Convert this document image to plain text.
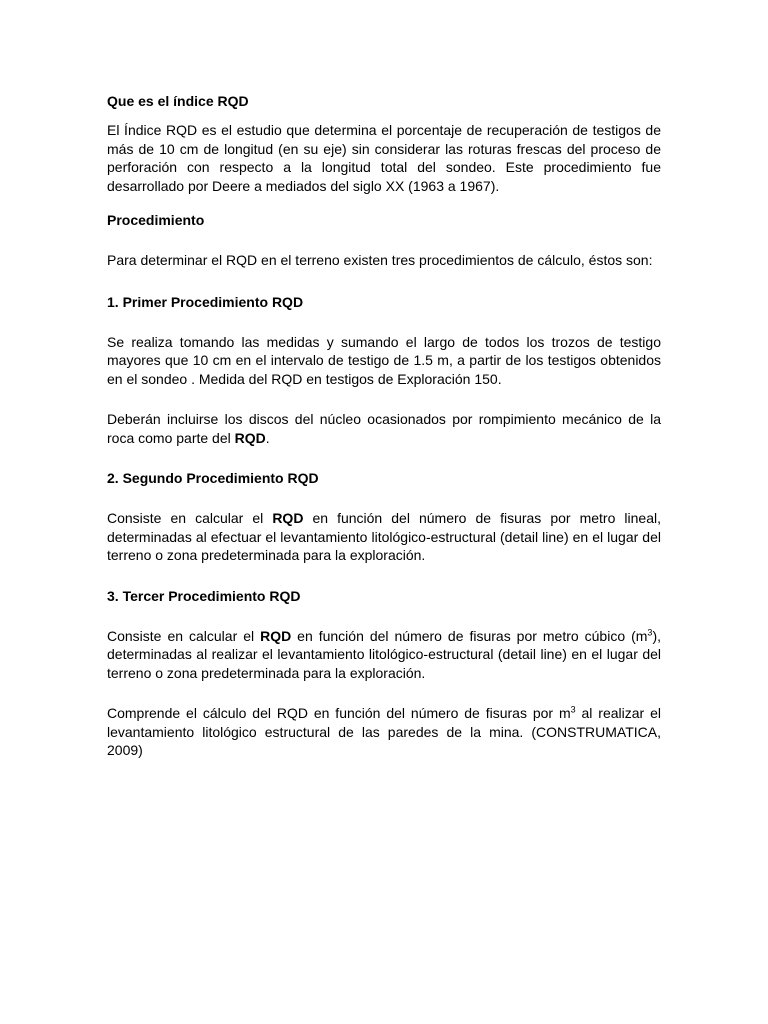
Que es el índice RQD

El Índice RQD es el estudio que determina el porcentaje de recuperación de testigos de más de 10 cm de longitud (en su eje) sin considerar las roturas frescas del proceso de perforación con respecto a la longitud total del sondeo. Este procedimiento fue desarrollado por Deere a mediados del siglo XX (1963 a 1967).

Procedimiento

Para determinar el RQD en el terreno existen tres procedimientos de cálculo, éstos son:

1. Primer Procedimiento RQD

Se realiza tomando las medidas y sumando el largo de todos los trozos de testigo mayores que 10 cm en el intervalo de testigo de 1.5 m, a partir de los testigos obtenidos en el sondeo . Medida del RQD en testigos de Exploración 150.

Deberán incluirse los discos del núcleo ocasionados por rompimiento mecánico de la roca como parte del RQD.

2. Segundo Procedimiento RQD

Consiste en calcular el RQD en función del número de fisuras por metro lineal, determinadas al efectuar el levantamiento litológico-estructural (detail line) en el lugar del terreno o zona predeterminada para la exploración.

3. Tercer Procedimiento RQD

Consiste en calcular el RQD en función del número de fisuras por metro cúbico $(m^3)$, determinadas al realizar el levantamiento litológico-estructural (detail line) en el lugar del terreno o zona predeterminada para la exploración.

Comprende el cálculo del RQD en función del número de fisuras por $m^3$ al realizar el levantamiento litológico estructural de las paredes de la mina. (CONSTRUMATICA, 2009)
